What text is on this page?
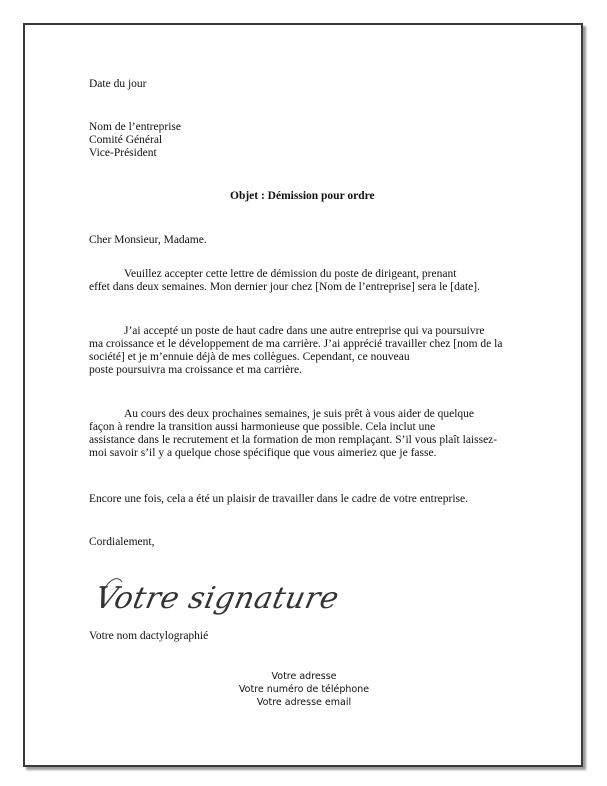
Date du jour
Nom de l’entreprise
Comité Général
Vice-Président
Objet : Démission pour ordre
Cher Monsieur, Madame.
Veuillez accepter cette lettre de démission du poste de dirigeant, prenant
effet dans deux semaines. Mon dernier jour chez [Nom de l’entreprise] sera le [date].
J’ai accepté un poste de haut cadre dans une autre entreprise qui va poursuivre
ma croissance et le développement de ma carrière. J’ai apprécié travailler chez [nom de la
société] et je m’ennuie déjà de mes collègues. Cependant, ce nouveau
poste poursuivra ma croissance et ma carrière.
Au cours des deux prochaines semaines, je suis prêt à vous aider de quelque
façon à rendre la transition aussi harmonieuse que possible. Cela inclut une
assistance dans le recrutement et la formation de mon remplaçant. S’il vous plaît laissez-
moi savoir s’il y a quelque chose spécifique que vous aimeriez que je fasse.
Encore une fois, cela a été un plaisir de travailler dans le cadre de votre entreprise.
Cordialement,
Votre signature
Votre nom dactylographié
Votre adresse
Votre numéro de téléphone
Votre adresse email
